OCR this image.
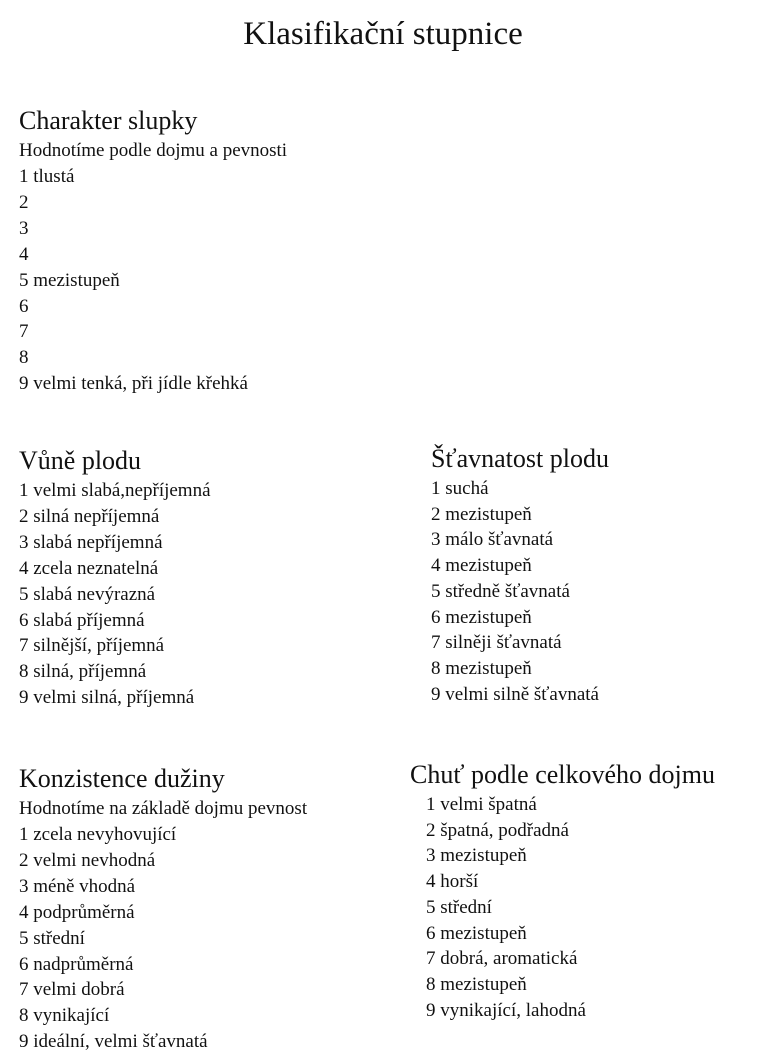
Klasifikační stupnice
Charakter slupky
Hodnotíme podle dojmu a pevnosti
1 tlustá
2
3
4
5 mezistupeň
6
7
8
9 velmi tenká, při jídle křehká
Vůně plodu
1 velmi slabá,nepříjemná
2 silná nepříjemná
3 slabá nepříjemná
4 zcela neznatelná
5 slabá nevýrazná
6 slabá příjemná
7 silnější, příjemná
8 silná, příjemná
9 velmi silná, příjemná
Šťavnatost plodu
1 suchá
2 mezistupeň
3 málo šťavnatá
4 mezistupeň
5 středně šťavnatá
6 mezistupeň
7 silněji šťavnatá
8 mezistupeň
9 velmi silně šťavnatá
Konzistence dužiny
Hodnotíme na základě dojmu pevnost
1 zcela nevyhovující
2 velmi nevhodná
3 méně vhodná
4 podprůměrná
5 střední
6 nadprůměrná
7 velmi dobrá
8 vynikající
9 ideální, velmi šťavnatá
Chuť podle celkového dojmu
1 velmi špatná
2 špatná, podřadná
3 mezistupeň
4 horší
5 střední
6 mezistupeň
7 dobrá, aromatická
8 mezistupeň
9 vynikající, lahodná
